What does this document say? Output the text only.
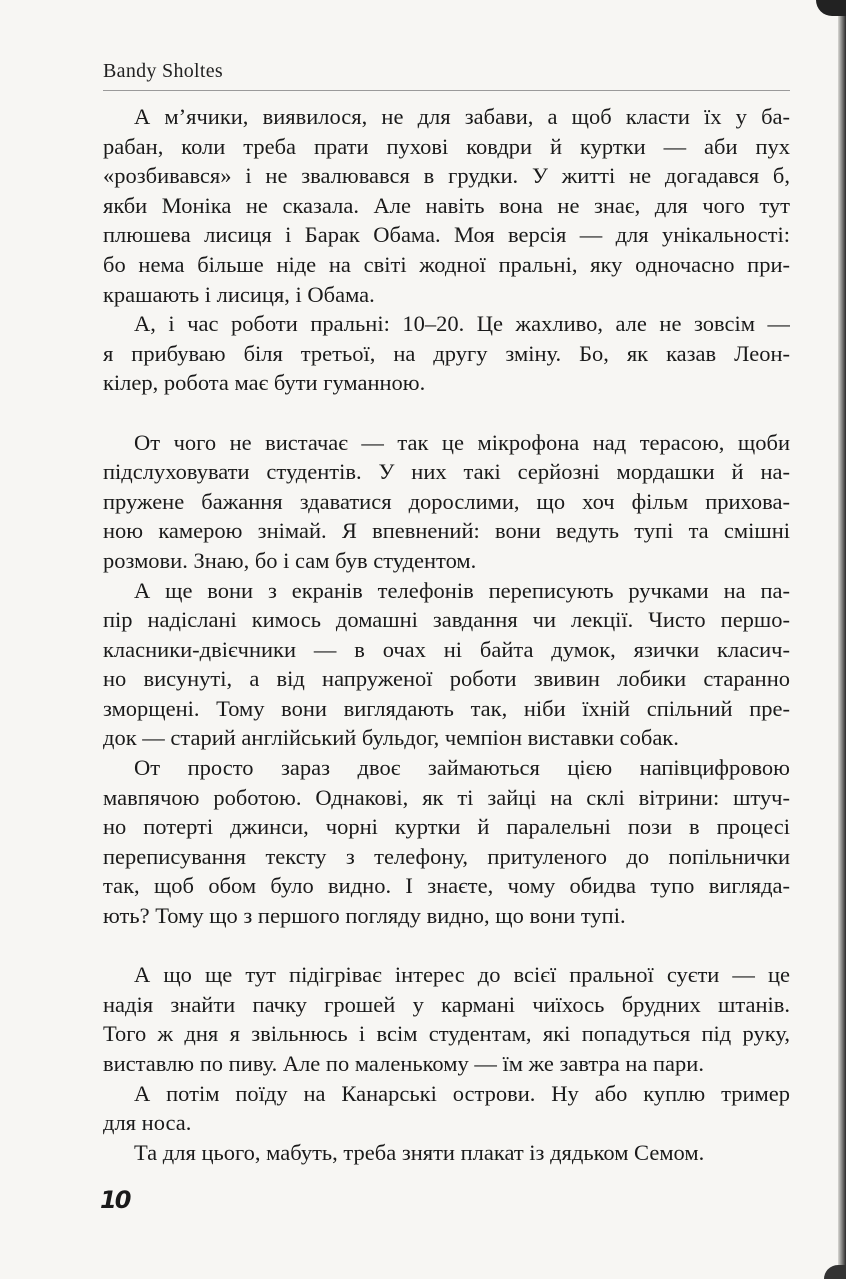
Bandy Sholtes
А м’ячики, виявилося, не для забави, а щоб класти їх у ба-
рабан, коли треба прати пухові ковдри й куртки — аби пух
«розбивався» і не звалювався в грудки. У житті не догадався б,
якби Моніка не сказала. Але навіть вона не знає, для чого тут
плюшева лисиця і Барак Обама. Моя версія — для унікальності:
бо нема більше ніде на світі жодної пральні, яку одночасно при-
крашають і лисиця, і Обама.
А, і час роботи пральні: 10–20. Це жахливо, але не зовсім —
я прибуваю біля третьої, на другу зміну. Бо, як казав Леон-
кілер, робота має бути гуманною.
От чого не вистачає — так це мікрофона над терасою, щоби
підслуховувати студентів. У них такі серйозні мордашки й на-
пружене бажання здаватися дорослими, що хоч фільм прихова-
ною камерою знімай. Я впевнений: вони ведуть тупі та смішні
розмови. Знаю, бо і сам був студентом.
А ще вони з екранів телефонів переписують ручками на па-
пір надіслані кимось домашні завдання чи лекції. Чисто першо-
класники-двієчники — в очах ні байта думок, язички класич-
но висунуті, а від напруженої роботи звивин лобики старанно
зморщені. Тому вони виглядають так, ніби їхній спільний пре-
док — старий англійський бульдог, чемпіон виставки собак.
От просто зараз двоє займаються цією напівцифровою
мавпячою роботою. Однакові, як ті зайці на склі вітрини: штуч-
но потерті джинси, чорні куртки й паралельні пози в процесі
переписування тексту з телефону, притуленого до попільнички
так, щоб обом було видно. І знаєте, чому обидва тупо вигляда-
ють? Тому що з першого погляду видно, що вони тупі.
А що ще тут підігріває інтерес до всієї пральної суєти — це
надія знайти пачку грошей у кармані чиїхось брудних штанів.
Того ж дня я звільнюсь і всім студентам, які попадуться під руку,
виставлю по пиву. Але по маленькому — їм же завтра на пари.
А потім поїду на Канарські острови. Ну або куплю тример
для носа.
Та для цього, мабуть, треба зняти плакат із дядьком Семом.
10
